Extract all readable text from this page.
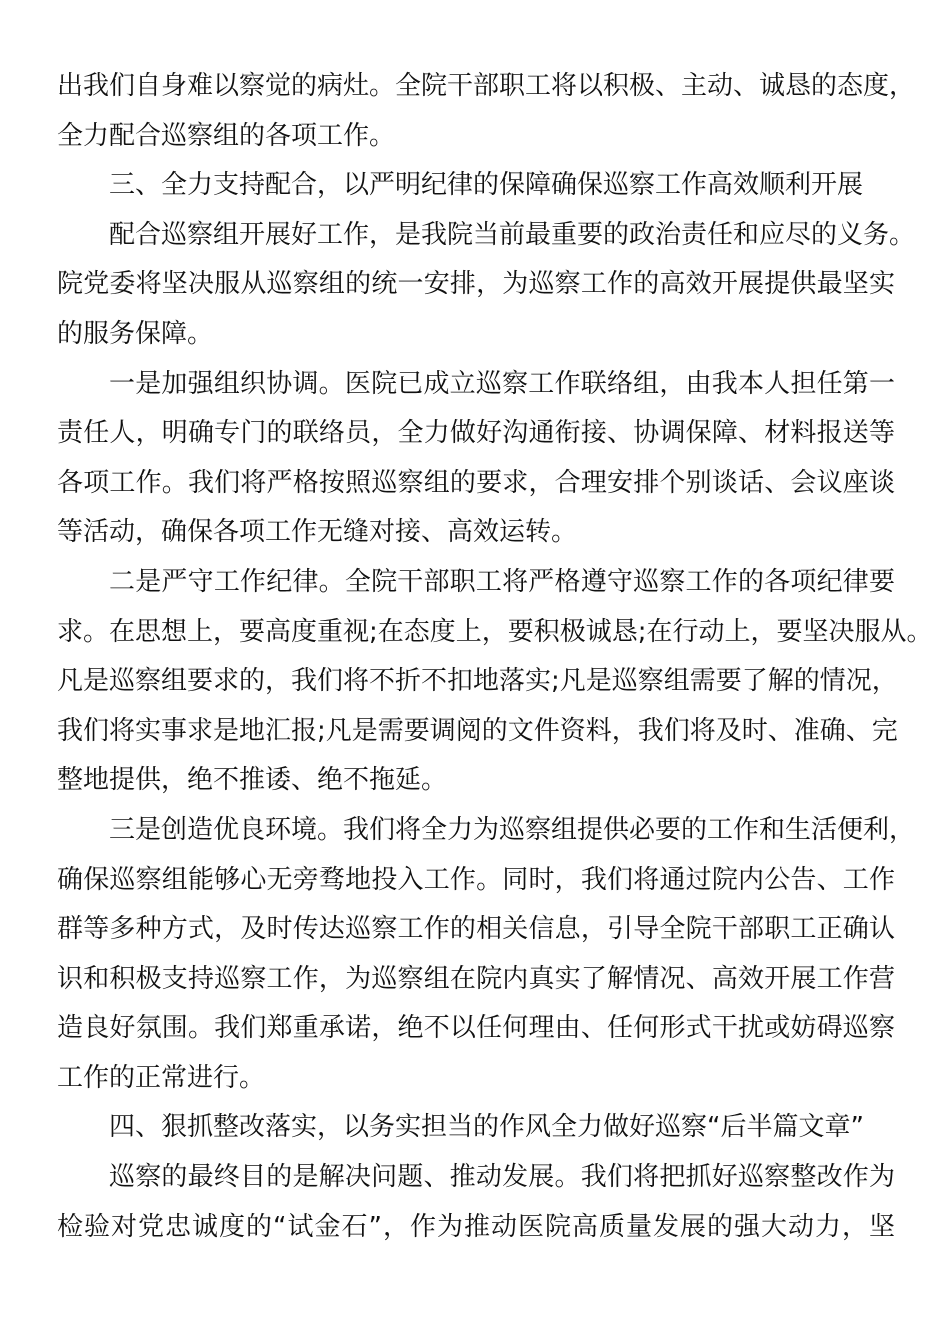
出我们自身难以察觉的病灶。全院干部职工将以积极、主动、诚恳的态度，
全力配合巡察组的各项工作。
三、全力支持配合，以严明纪律的保障确保巡察工作高效顺利开展
配合巡察组开展好工作，是我院当前最重要的政治责任和应尽的义务。
院党委将坚决服从巡察组的统一安排，为巡察工作的高效开展提供最坚实
的服务保障。
一是加强组织协调。医院已成立巡察工作联络组，由我本人担任第一
责任人，明确专门的联络员，全力做好沟通衔接、协调保障、材料报送等
各项工作。我们将严格按照巡察组的要求，合理安排个别谈话、会议座谈
等活动，确保各项工作无缝对接、高效运转。
二是严守工作纪律。全院干部职工将严格遵守巡察工作的各项纪律要
求。在思想上，要高度重视;在态度上，要积极诚恳;在行动上，要坚决服从。
凡是巡察组要求的，我们将不折不扣地落实;凡是巡察组需要了解的情况，
我们将实事求是地汇报;凡是需要调阅的文件资料，我们将及时、准确、完
整地提供，绝不推诿、绝不拖延。
三是创造优良环境。我们将全力为巡察组提供必要的工作和生活便利，
确保巡察组能够心无旁骛地投入工作。同时，我们将通过院内公告、工作
群等多种方式，及时传达巡察工作的相关信息，引导全院干部职工正确认
识和积极支持巡察工作，为巡察组在院内真实了解情况、高效开展工作营
造良好氛围。我们郑重承诺，绝不以任何理由、任何形式干扰或妨碍巡察
工作的正常进行。
四、狠抓整改落实，以务实担当的作风全力做好巡察“后半篇文章”
巡察的最终目的是解决问题、推动发展。我们将把抓好巡察整改作为
检验对党忠诚度的“试金石”，作为推动医院高质量发展的强大动力，坚
